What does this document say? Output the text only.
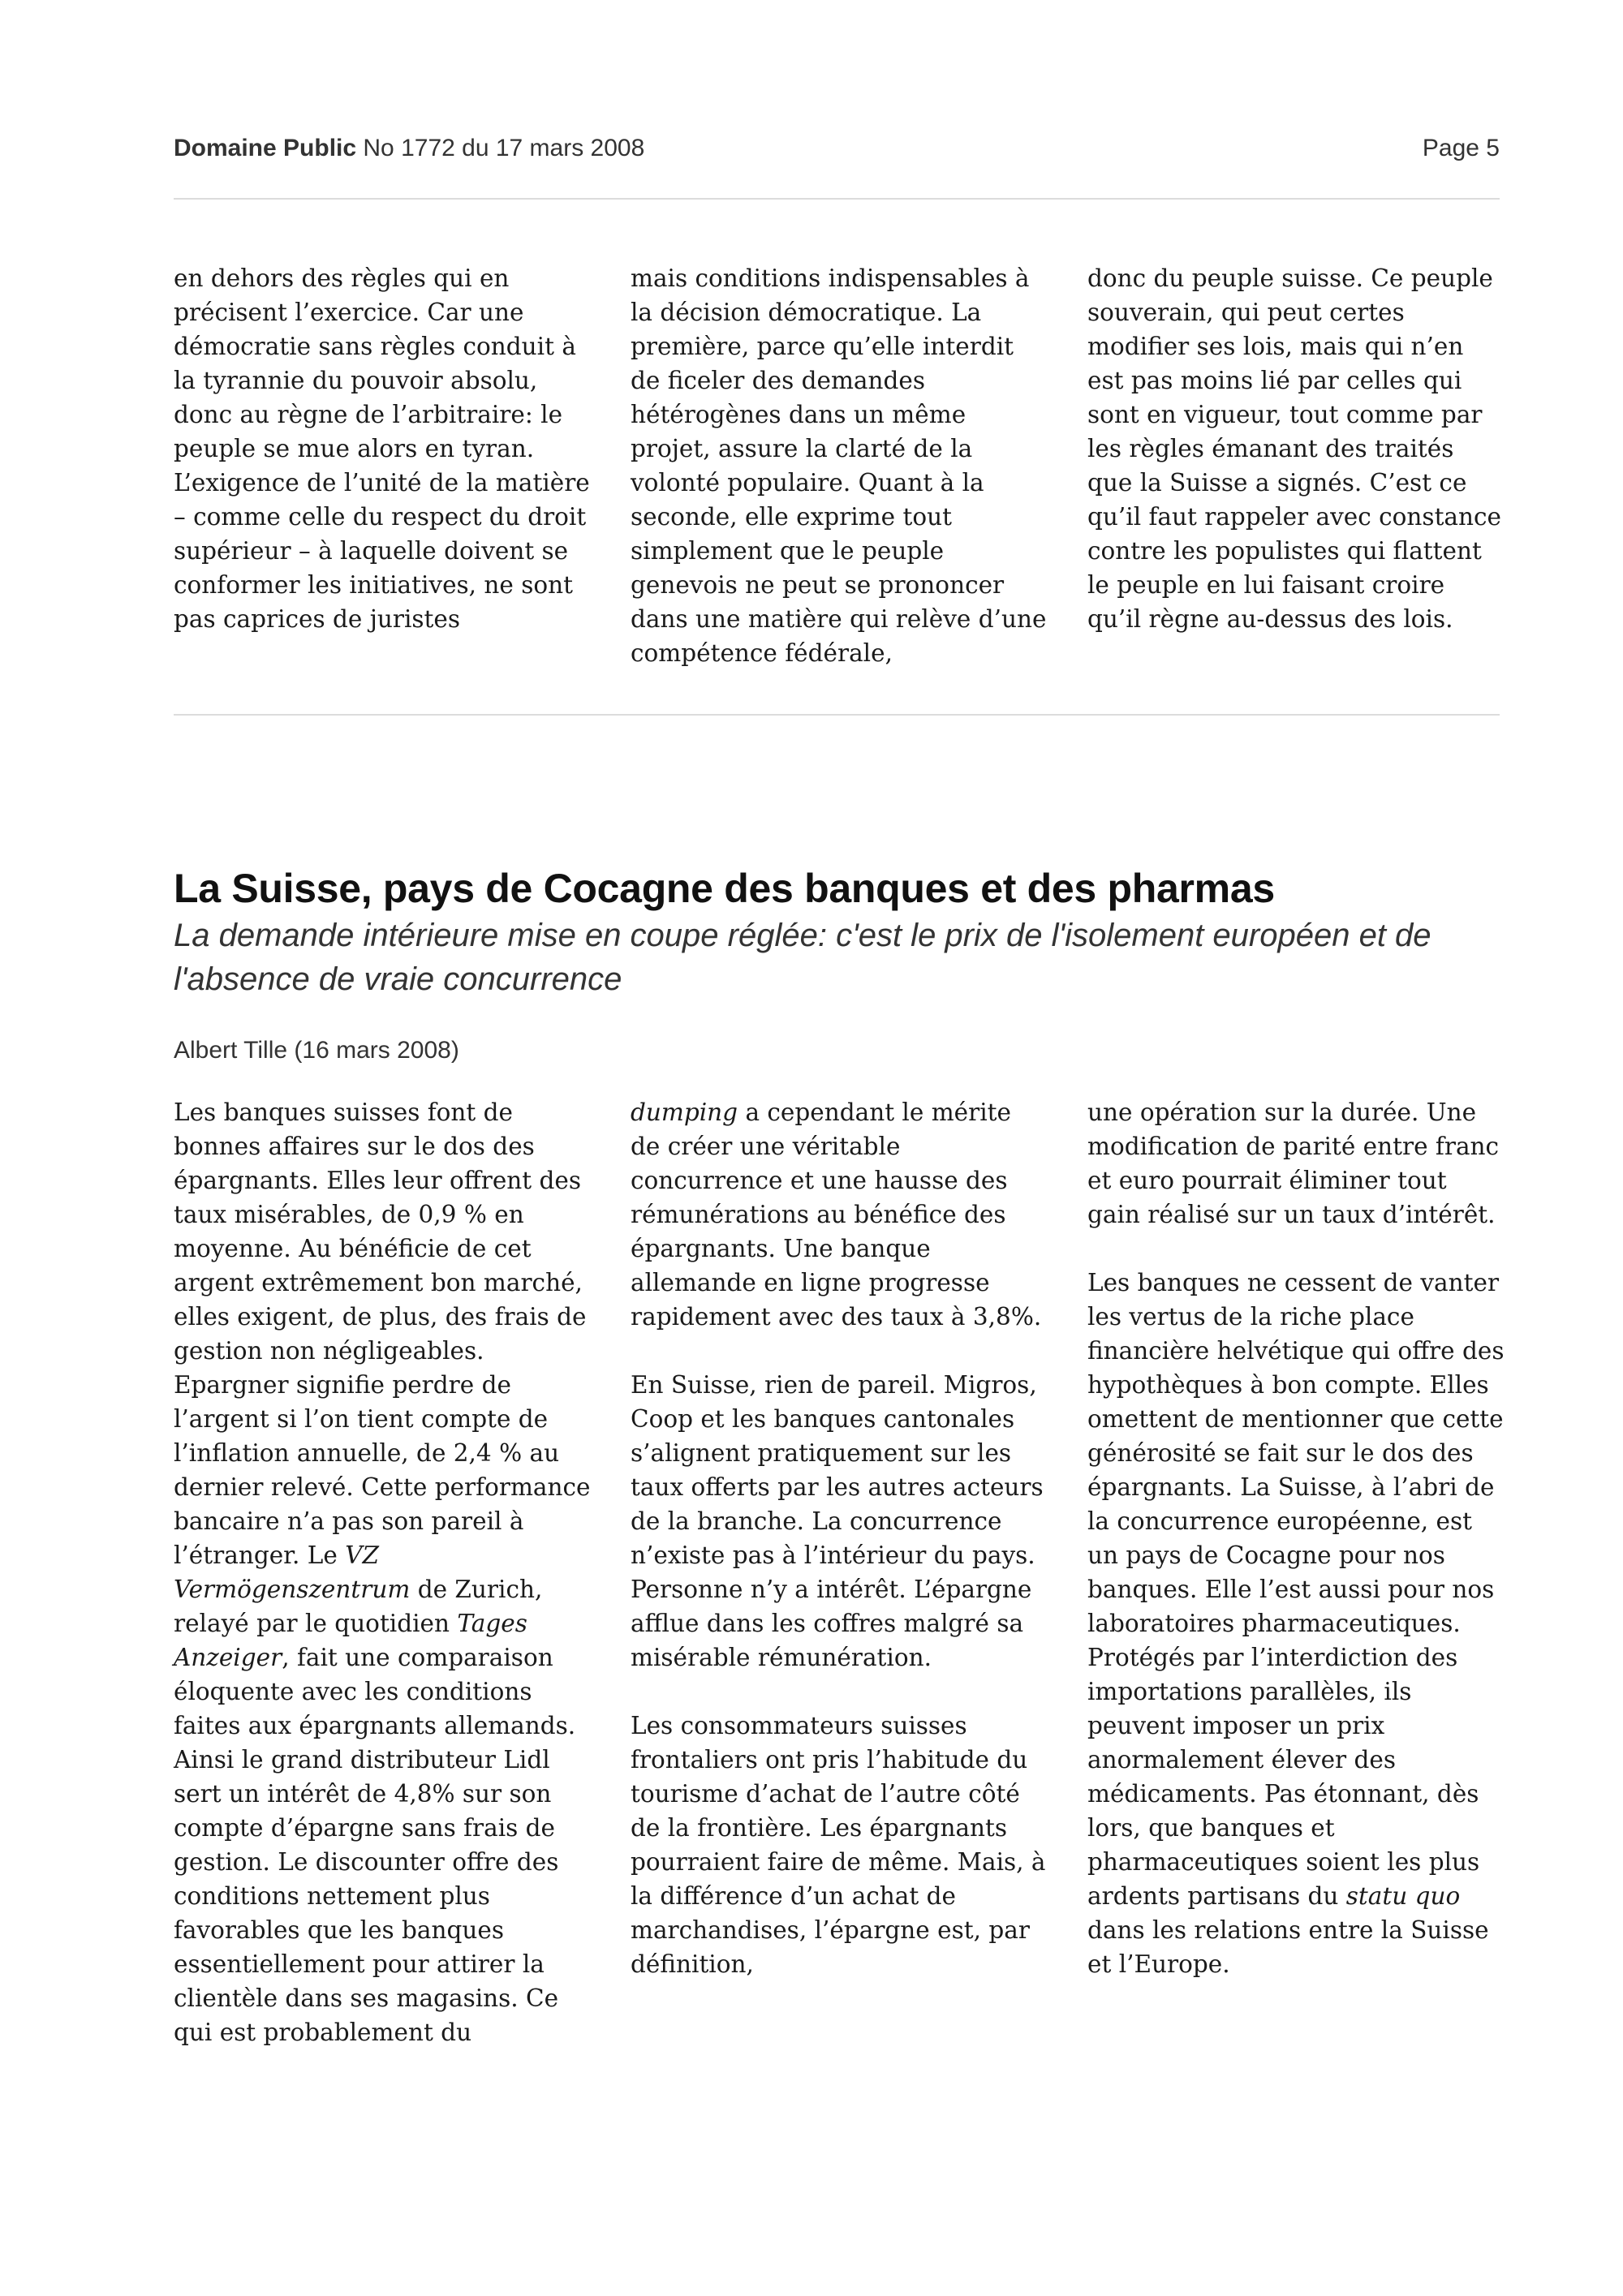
Domaine Public No 1772 du 17 mars 2008	Page 5

en dehors des règles qui en précisent l’exercice. Car une démocratie sans règles conduit à la tyrannie du pouvoir absolu, donc au règne de l’arbitraire: le peuple se mue alors en tyran. L’exigence de l’unité de la matière – comme celle du respect du droit supérieur – à laquelle doivent se conformer les initiatives, ne sont pas caprices de juristes

mais conditions indispensables à la décision démocratique. La première, parce qu’elle interdit de ficeler des demandes hétérogènes dans un même projet, assure la clarté de la volonté populaire. Quant à la seconde, elle exprime tout simplement que le peuple genevois ne peut se prononcer dans une matière qui relève d’une compétence fédérale,

donc du peuple suisse. Ce peuple souverain, qui peut certes modifier ses lois, mais qui n’en est pas moins lié par celles qui sont en vigueur, tout comme par les règles émanant des traités que la Suisse a signés. C’est ce qu’il faut rappeler avec constance contre les populistes qui flattent le peuple en lui faisant croire qu’il règne au-dessus des lois.

La Suisse, pays de Cocagne des banques et des pharmas
La demande intérieure mise en coupe réglée: c'est le prix de l'isolement européen et de l'absence de vraie concurrence
Albert Tille (16 mars 2008)

Les banques suisses font de bonnes affaires sur le dos des épargnants. Elles leur offrent des taux misérables, de 0,9 % en moyenne. Au bénéficie de cet argent extrêmement bon marché, elles exigent, de plus, des frais de gestion non négligeables. Epargner signifie perdre de l’argent si l’on tient compte de l’inflation annuelle, de 2,4 % au dernier relevé. Cette performance bancaire n’a pas son pareil à l’étranger. Le VZ Vermögenszentrum de Zurich, relayé par le quotidien Tages Anzeiger, fait une comparaison éloquente avec les conditions faites aux épargnants allemands. Ainsi le grand distributeur Lidl sert un intérêt de 4,8% sur son compte d’épargne sans frais de gestion. Le discounter offre des conditions nettement plus favorables que les banques essentiellement pour attirer la clientèle dans ses magasins. Ce qui est probablement du

dumping a cependant le mérite de créer une véritable concurrence et une hausse des rémunérations au bénéfice des épargnants. Une banque allemande en ligne progresse rapidement avec des taux à 3,8%.

En Suisse, rien de pareil. Migros, Coop et les banques cantonales s’alignent pratiquement sur les taux offerts par les autres acteurs de la branche. La concurrence n’existe pas à l’intérieur du pays. Personne n’y a intérêt. L’épargne afflue dans les coffres malgré sa misérable rémunération.

Les consommateurs suisses frontaliers ont pris l’habitude du tourisme d’achat de l’autre côté de la frontière. Les épargnants pourraient faire de même. Mais, à la différence d’un achat de marchandises, l’épargne est, par définition,

une opération sur la durée. Une modification de parité entre franc et euro pourrait éliminer tout gain réalisé sur un taux d’intérêt.

Les banques ne cessent de vanter les vertus de la riche place financière helvétique qui offre des hypothèques à bon compte. Elles omettent de mentionner que cette générosité se fait sur le dos des épargnants. La Suisse, à l’abri de la concurrence européenne, est un pays de Cocagne pour nos banques. Elle l’est aussi pour nos laboratoires pharmaceutiques. Protégés par l’interdiction des importations parallèles, ils peuvent imposer un prix anormalement élever des médicaments. Pas étonnant, dès lors, que banques et pharmaceutiques soient les plus ardents partisans du statu quo dans les relations entre la Suisse et l’Europe.
